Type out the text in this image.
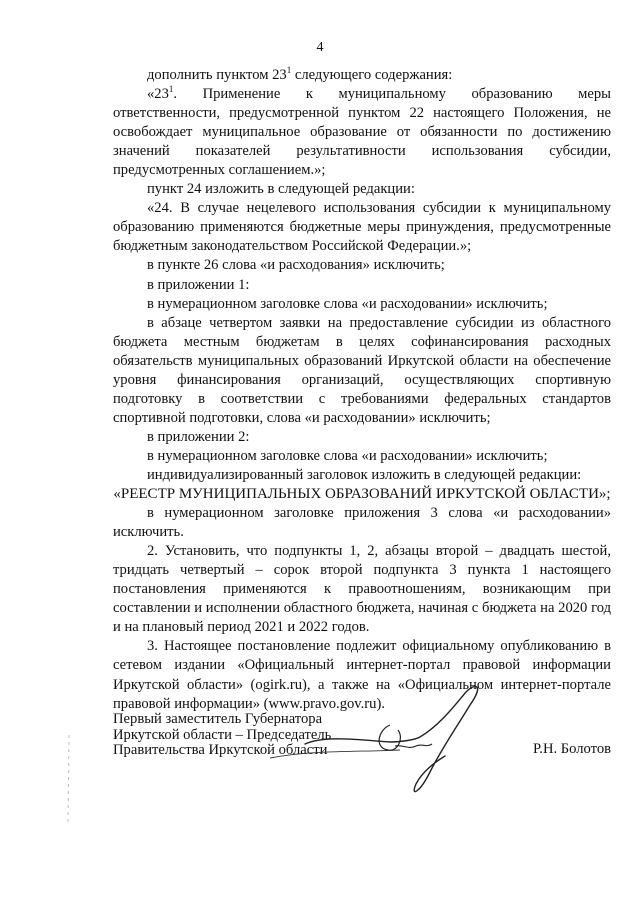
4

дополнить пунктом $23^1$ следующего содержания:

«$23^1$. Применение к муниципальному образованию меры ответственности, предусмотренной пунктом 22 настоящего Положения, не освобождает муниципальное образование от обязанности по достижению значений показателей результативности использования субсидии, предусмотренных соглашением.»;

пункт 24 изложить в следующей редакции:

«24. В случае нецелевого использования субсидии к муниципальному образованию применяются бюджетные меры принуждения, предусмотренные бюджетным законодательством Российской Федерации.»;

в пункте 26 слова «и расходования» исключить;

в приложении 1:

в нумерационном заголовке слова «и расходовании» исключить;

в абзаце четвертом заявки на предоставление субсидии из областного бюджета местным бюджетам в целях софинансирования расходных обязательств муниципальных образований Иркутской области на обеспечение уровня финансирования организаций, осуществляющих спортивную подготовку в соответствии с требованиями федеральных стандартов спортивной подготовки, слова «и расходовании» исключить;

в приложении 2:

в нумерационном заголовке слова «и расходовании» исключить;

индивидуализированный заголовок изложить в следующей редакции:

«РЕЕСТР МУНИЦИПАЛЬНЫХ ОБРАЗОВАНИЙ ИРКУТСКОЙ ОБЛАСТИ»;

в нумерационном заголовке приложения 3 слова «и расходовании» исключить.

2. Установить, что подпункты 1, 2, абзацы второй – двадцать шестой, тридцать четвертый – сорок второй подпункта 3 пункта 1 настоящего постановления применяются к правоотношениям, возникающим при составлении и исполнении областного бюджета, начиная с бюджета на 2020 год и на плановый период 2021 и 2022 годов.

3. Настоящее постановление подлежит официальному опубликованию в сетевом издании «Официальный интернет-портал правовой информации Иркутской области» (ogirk.ru), а также на «Официальном интернет-портале правовой информации» (www.pravo.gov.ru).

Первый заместитель Губернатора
Иркутской области – Председатель
Правительства Иркутской области	Р.Н. Болотов
